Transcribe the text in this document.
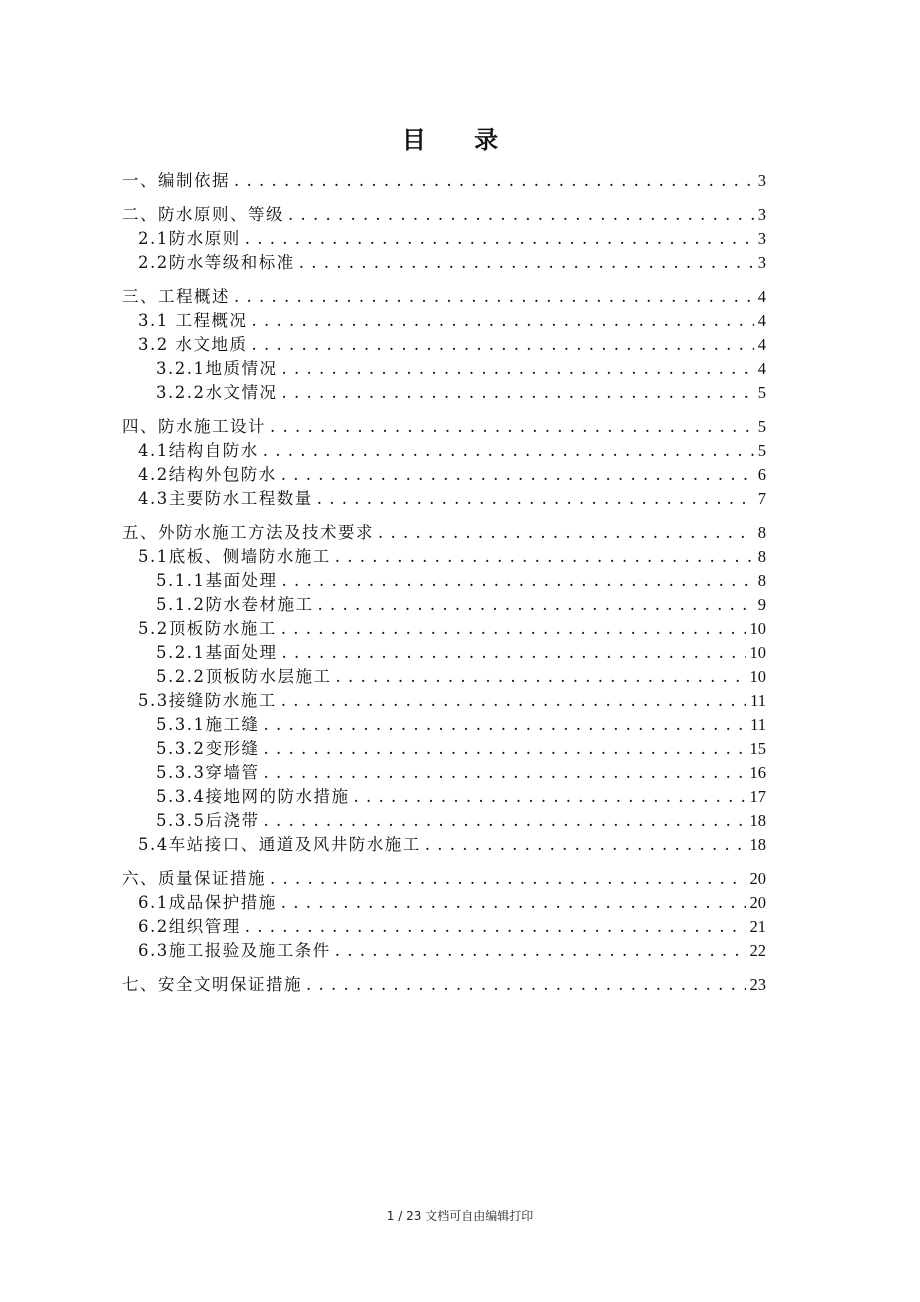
目 录
一、编制依据 . . .	3
二、防水原则、等级 . . .	3
2.1防水原则 . . .	3
2.2防水等级和标准 . . .	3
三、工程概述 . . .	4
3.1 工程概况 . . .	4
3.2 水文地质 . . .	4
3.2.1地质情况 . . .	4
3.2.2水文情况 . . .	5
四、防水施工设计 . . .	5
4.1结构自防水 . . .	5
4.2结构外包防水 . . .	6
4.3主要防水工程数量 . . .	7
五、外防水施工方法及技术要求 . . .	8
5.1底板、侧墙防水施工 . . .	8
5.1.1基面处理 . . .	8
5.1.2防水卷材施工 . . .	9
5.2顶板防水施工 . . .	10
5.2.1基面处理 . . .	10
5.2.2顶板防水层施工 . . .	10
5.3接缝防水施工 . . .	11
5.3.1施工缝 . . .	11
5.3.2变形缝 . . .	15
5.3.3穿墙管 . . .	16
5.3.4接地网的防水措施 . . .	17
5.3.5后浇带 . . .	18
5.4车站接口、通道及风井防水施工 . . .	18
六、质量保证措施 . . .	20
6.1成品保护措施 . . .	20
6.2组织管理 . . .	21
6.3施工报验及施工条件 . . .	22
七、安全文明保证措施 . . .	23
1 / 23 文档可自由编辑打印
